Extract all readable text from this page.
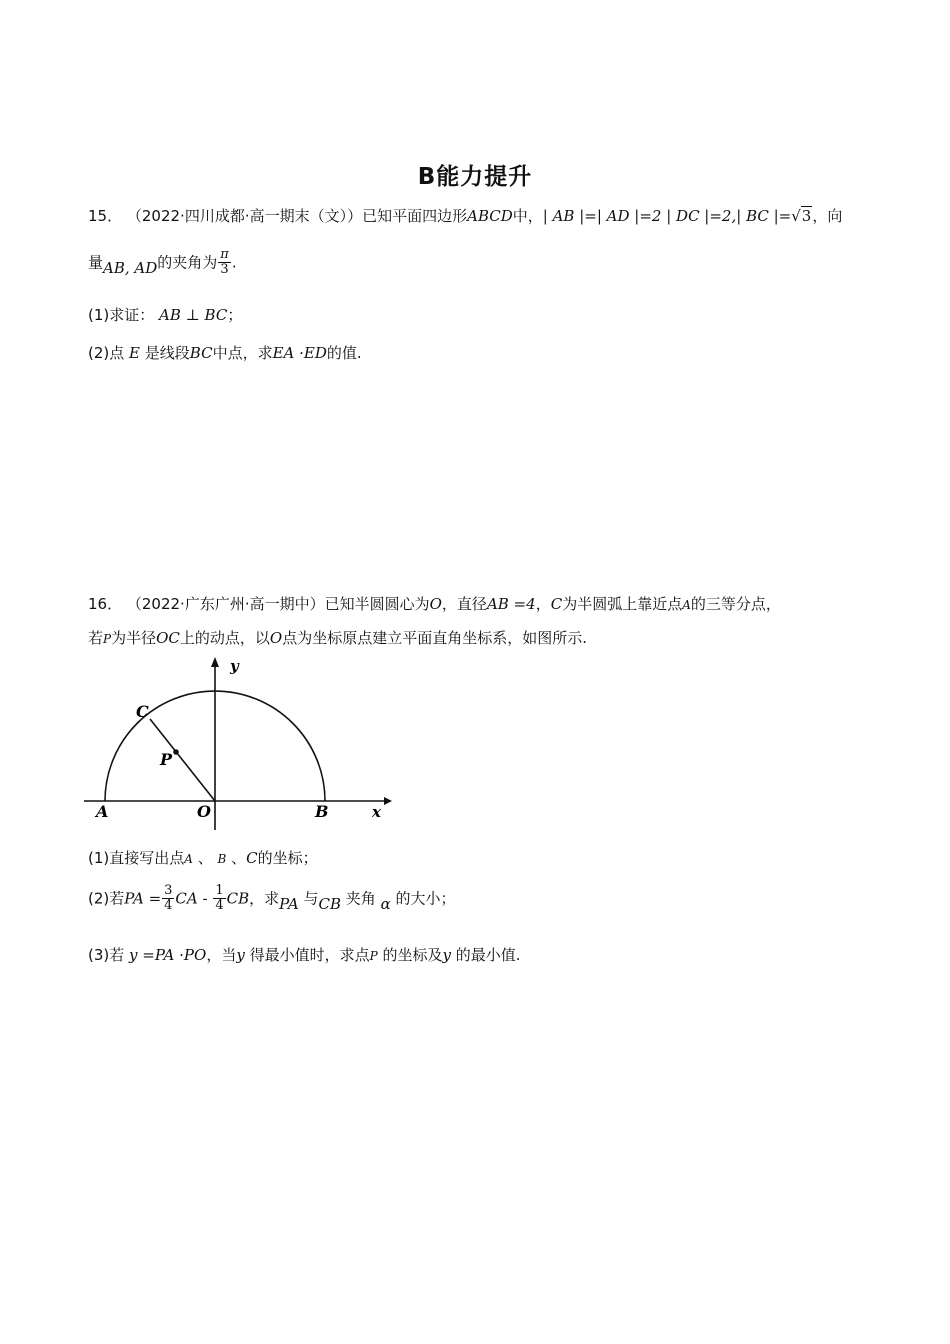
B能力提升
15． （2022·四川成都·高一期末（文））已知平面四边形ABCD中，| AB |=| AD |=2 | DC |=2,| BC |=√3，向
量AB, AD的夹角为 $\frac{\pi}{3}$ .
(1)求证： AB ⊥ BC；
(2)点 E 是线段BC中点，求EA ·ED的值.
16． （2022·广东广州·高一期中）已知半圆圆心为O，直径AB =4，C为半圆弧上靠近点A的三等分点，
若P为半径OC上的动点，以O点为坐标原点建立平面直角坐标系，如图所示.
y
x
C
P
A	O	B
(1)直接写出点A 、 B 、C的坐标；
(2)若PA = $\frac{3}{4}$ CA - $\frac{1}{4}$ CB，求PA 与CB 夹角 α 的大小；
(3)若 y =PA ·PO，当y 得最小值时，求点P 的坐标及y 的最小值.
